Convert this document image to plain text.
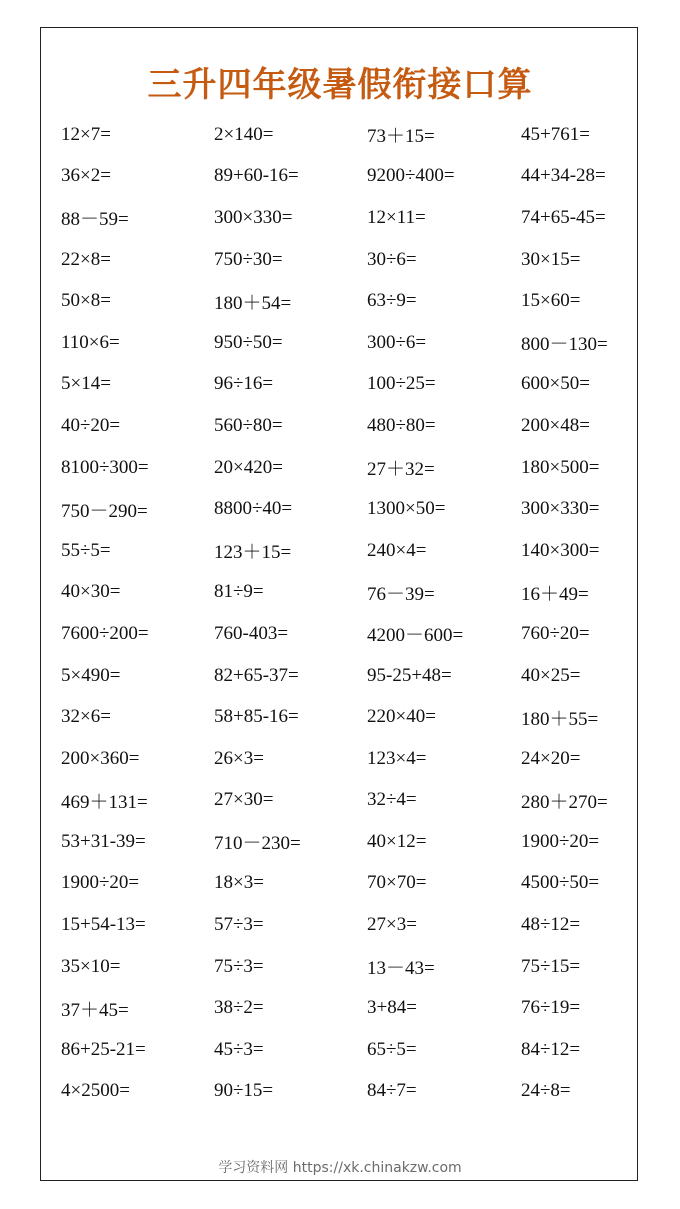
三升四年级暑假衔接口算
12×7=	2×140=	73＋15=	45+761=
36×2=	89+60-16=	9200÷400=	44+34-28=
88－59=	300×330=	12×11=	74+65-45=
22×8=	750÷30=	30÷6=	30×15=
50×8=	180＋54=	63÷9=	15×60=
110×6=	950÷50=	300÷6=	800－130=
5×14=	96÷16=	100÷25=	600×50=
40÷20=	560÷80=	480÷80=	200×48=
8100÷300=	20×420=	27＋32=	180×500=
750－290=	8800÷40=	1300×50=	300×330=
55÷5=	123＋15=	240×4=	140×300=
40×30=	81÷9=	76－39=	16＋49=
7600÷200=	760-403=	4200－600=	760÷20=
5×490=	82+65-37=	95-25+48=	40×25=
32×6=	58+85-16=	220×40=	180＋55=
200×360=	26×3=	123×4=	24×20=
469＋131=	27×30=	32÷4=	280＋270=
53+31-39=	710－230=	40×12=	1900÷20=
1900÷20=	18×3=	70×70=	4500÷50=
15+54-13=	57÷3=	27×3=	48÷12=
35×10=	75÷3=	13－43=	75÷15=
37＋45=	38÷2=	3+84=	76÷19=
86+25-21=	45÷3=	65÷5=	84÷12=
4×2500=	90÷15=	84÷7=	24÷8=
学习资料网 https://xk.chinakzw.com
